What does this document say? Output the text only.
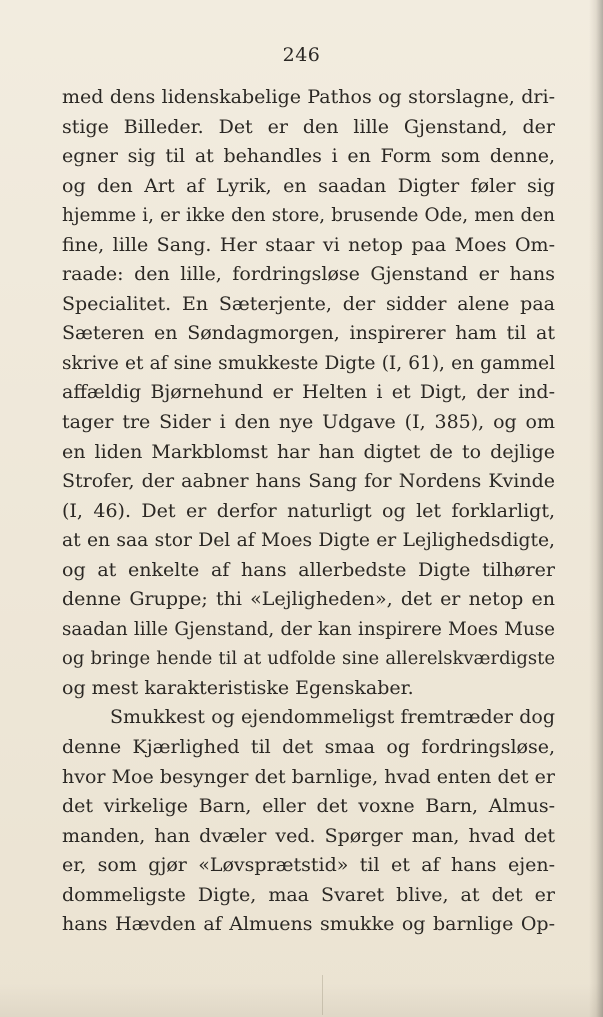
246
med dens lidenskabelige Pathos og storslagne, dri-
stige Billeder. Det er den lille Gjenstand, der
egner sig til at behandles i en Form som denne,
og den Art af Lyrik, en saadan Digter føler sig
hjemme i, er ikke den store, brusende Ode, men den
fine, lille Sang. Her staar vi netop paa Moes Om-
raade: den lille, fordringsløse Gjenstand er hans
Specialitet. En Sæterjente, der sidder alene paa
Sæteren en Søndagmorgen, inspirerer ham til at
skrive et af sine smukkeste Digte (I, 61), en gammel
affældig Bjørnehund er Helten i et Digt, der ind-
tager tre Sider i den nye Udgave (I, 385), og om
en liden Markblomst har han digtet de to dejlige
Strofer, der aabner hans Sang for Nordens Kvinde
(I, 46). Det er derfor naturligt og let forklarligt,
at en saa stor Del af Moes Digte er Lejlighedsdigte,
og at enkelte af hans allerbedste Digte tilhører
denne Gruppe; thi «Lejligheden», det er netop en
saadan lille Gjenstand, der kan inspirere Moes Muse
og bringe hende til at udfolde sine allerelskværdigste
og mest karakteristiske Egenskaber.
Smukkest og ejendommeligst fremtræder dog
denne Kjærlighed til det smaa og fordringsløse,
hvor Moe besynger det barnlige, hvad enten det er
det virkelige Barn, eller det voxne Barn, Almus-
manden, han dvæler ved. Spørger man, hvad det
er, som gjør «Løvsprætstid» til et af hans ejen-
dommeligste Digte, maa Svaret blive, at det er
hans Hævden af Almuens smukke og barnlige Op-
